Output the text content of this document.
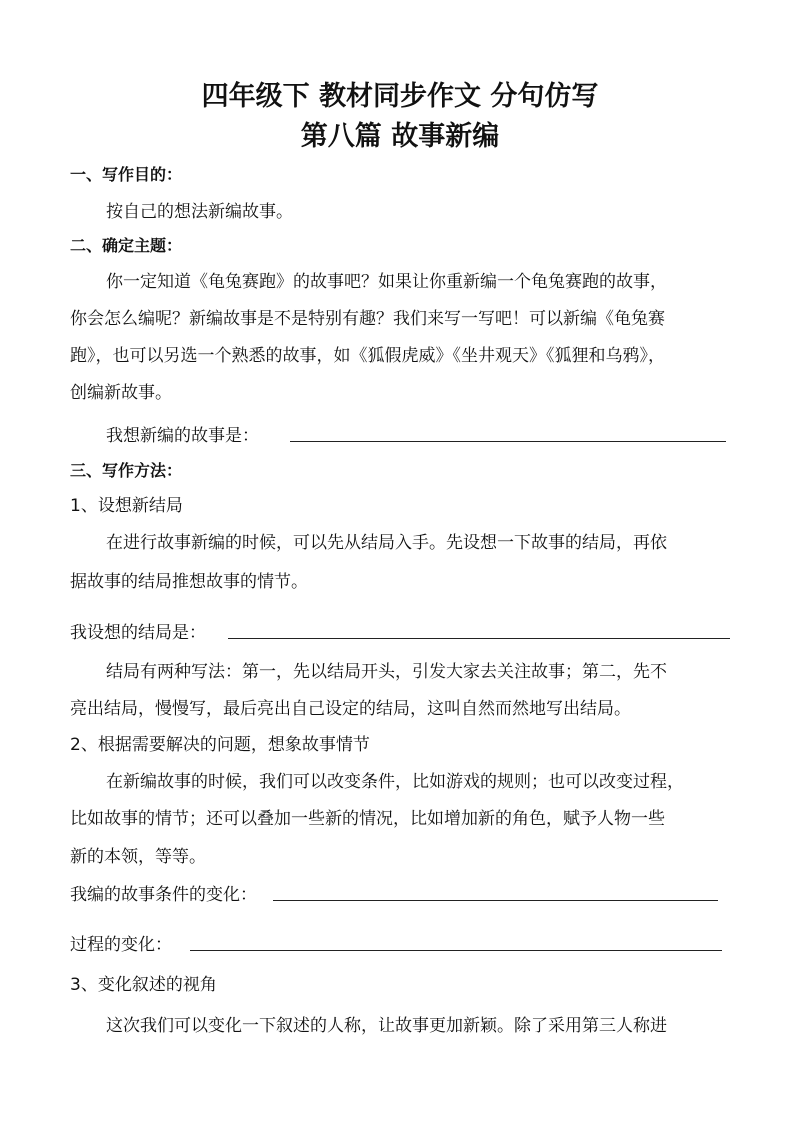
四年级下 教材同步作文 分句仿写
第八篇 故事新编
一、写作目的：
按自己的想法新编故事。
二、确定主题：
你一定知道《龟兔赛跑》的故事吧？如果让你重新编一个龟兔赛跑的故事，
你会怎么编呢？新编故事是不是特别有趣？我们来写一写吧！可以新编《龟兔赛
跑》，也可以另选一个熟悉的故事，如《狐假虎威》《坐井观天》《狐狸和乌鸦》，
创编新故事。
我想新编的故事是：
三、写作方法：
1、设想新结局
在进行故事新编的时候，可以先从结局入手。先设想一下故事的结局，再依
据故事的结局推想故事的情节。
我设想的结局是：
结局有两种写法：第一，先以结局开头，引发大家去关注故事；第二，先不
亮出结局，慢慢写，最后亮出自己设定的结局，这叫自然而然地写出结局。
2、根据需要解决的问题，想象故事情节
在新编故事的时候，我们可以改变条件，比如游戏的规则；也可以改变过程，
比如故事的情节；还可以叠加一些新的情况，比如增加新的角色，赋予人物一些
新的本领，等等。
我编的故事条件的变化：
过程的变化：
3、变化叙述的视角
这次我们可以变化一下叙述的人称，让故事更加新颖。除了采用第三人称进
